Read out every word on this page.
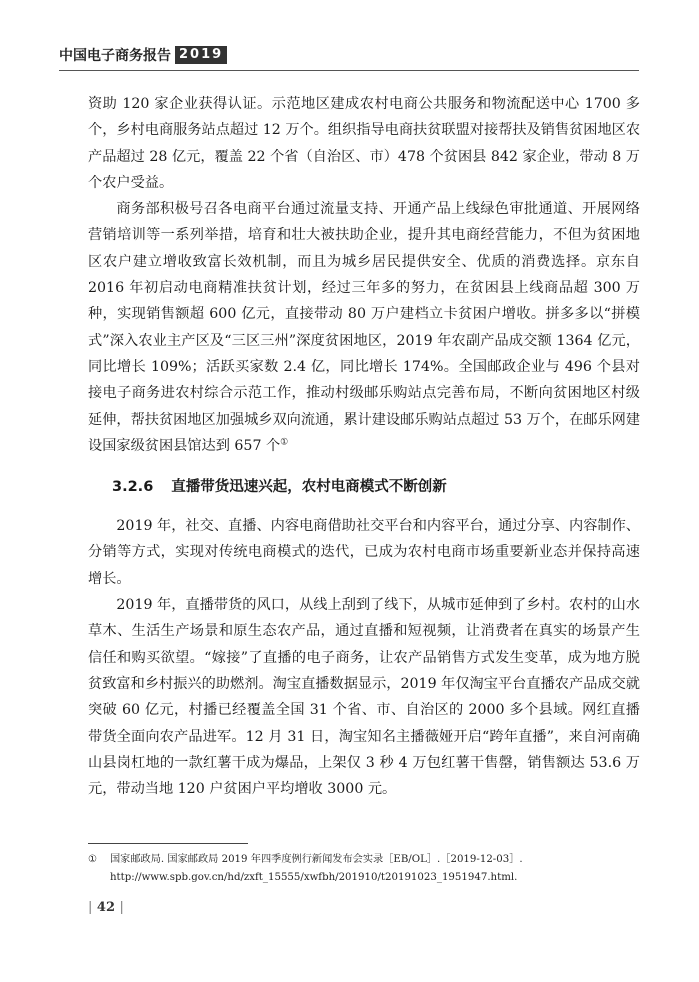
中国电子商务报告 2019

资助 120 家企业获得认证。示范地区建成农村电商公共服务和物流配送中心 1700 多个，乡村电商服务站点超过 12 万个。组织指导电商扶贫联盟对接帮扶及销售贫困地区农产品超过 28 亿元，覆盖 22 个省（自治区、市）478 个贫困县 842 家企业，带动 8 万个农户受益。

商务部积极号召各电商平台通过流量支持、开通产品上线绿色审批通道、开展网络营销培训等一系列举措，培育和壮大被扶助企业，提升其电商经营能力，不但为贫困地区农户建立增收致富长效机制，而且为城乡居民提供安全、优质的消费选择。京东自 2016 年初启动电商精准扶贫计划，经过三年多的努力，在贫困县上线商品超 300 万种，实现销售额超 600 亿元，直接带动 80 万户建档立卡贫困户增收。拼多多以“拼模式”深入农业主产区及“三区三州”深度贫困地区，2019 年农副产品成交额 1364 亿元，同比增长 109%；活跃买家数 2.4 亿，同比增长 174%。全国邮政企业与 496 个县对接电子商务进农村综合示范工作，推动村级邮乐购站点完善布局，不断向贫困地区村级延伸，帮扶贫困地区加强城乡双向流通，累计建设邮乐购站点超过 53 万个，在邮乐网建设国家级贫困县馆达到 657 个①

3.2.6 直播带货迅速兴起，农村电商模式不断创新

2019 年，社交、直播、内容电商借助社交平台和内容平台，通过分享、内容制作、分销等方式，实现对传统电商模式的迭代，已成为农村电商市场重要新业态并保持高速增长。

2019 年，直播带货的风口，从线上刮到了线下，从城市延伸到了乡村。农村的山水草木、生活生产场景和原生态农产品，通过直播和短视频，让消费者在真实的场景产生信任和购买欲望。“嫁接”了直播的电子商务，让农产品销售方式发生变革，成为地方脱贫致富和乡村振兴的助燃剂。淘宝直播数据显示，2019 年仅淘宝平台直播农产品成交就突破 60 亿元，村播已经覆盖全国 31 个省、市、自治区的 2000 多个县域。网红直播带货全面向农产品进军。12 月 31 日，淘宝知名主播薇娅开启“跨年直播”，来自河南确山县岗杠地的一款红薯干成为爆品，上架仅 3 秒 4 万包红薯干售罄，销售额达 53.6 万元，带动当地 120 户贫困户平均增收 3000 元。

① 国家邮政局. 国家邮政局 2019 年四季度例行新闻发布会实录［EB/OL］.［2019-12-03］.
http://www.spb.gov.cn/hd/zxft_15555/xwfbh/201910/t20191023_1951947.html.
| 42 |
